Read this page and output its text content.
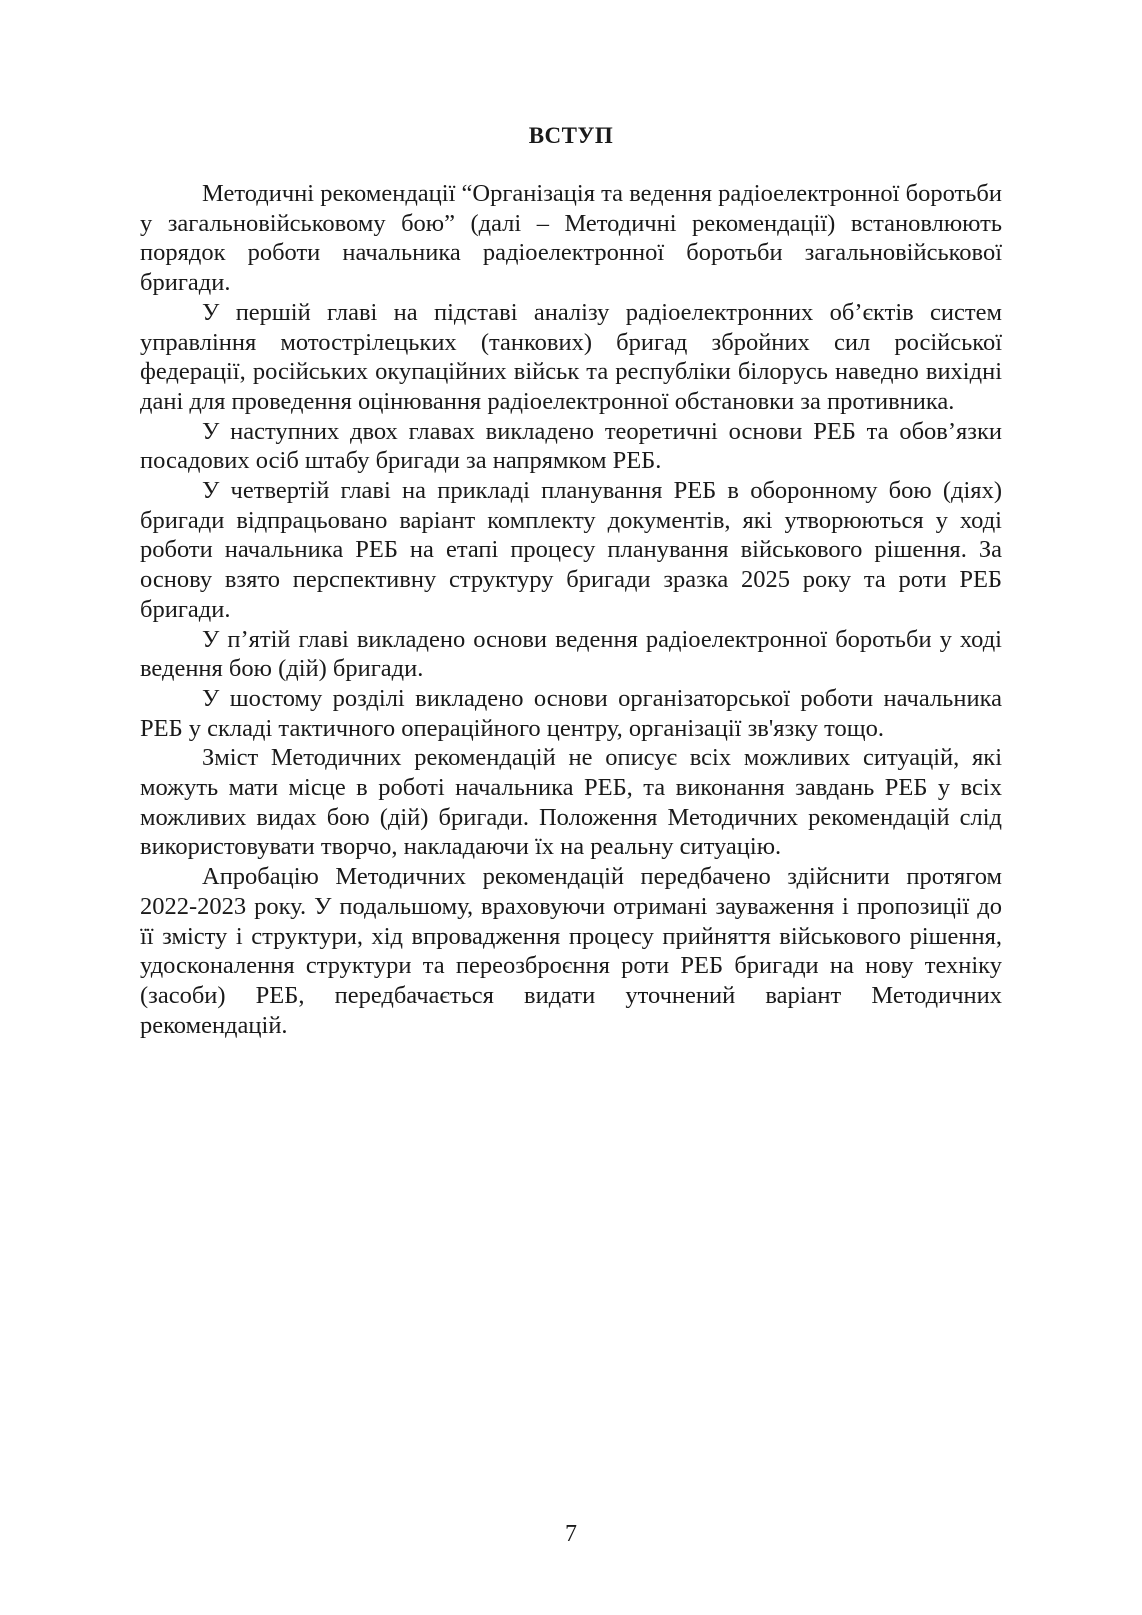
ВСТУП

Методичні рекомендації “Організація та ведення радіоелектронної боротьби у загальновійськовому бою” (далі – Методичні рекомендації) встановлюють порядок роботи начальника радіоелектронної боротьби загальновійськової бригади.

У першій главі на підставі аналізу радіоелектронних об’єктів систем управління мотострілецьких (танкових) бригад збройних сил російської федерації, російських окупаційних військ та республіки білорусь наведно вихідні дані для проведення оцінювання радіоелектронної обстановки за противника.

У наступних двох главах викладено теоретичні основи РЕБ та обов’язки посадових осіб штабу бригади за напрямком РЕБ.

У четвертій главі на прикладі планування РЕБ в оборонному бою (діях) бригади відпрацьовано варіант комплекту документів, які утворюються у ході роботи начальника РЕБ на етапі процесу планування військового рішення. За основу взято перспективну структуру бригади зразка 2025 року та роти РЕБ бригади.

У п’ятій главі викладено основи ведення радіоелектронної боротьби у ході ведення бою (дій) бригади.

У шостому розділі викладено основи організаторської роботи начальника РЕБ у складі тактичного операційного центру, організації зв'язку тощо.

Зміст Методичних рекомендацій не описує всіх можливих ситуацій, які можуть мати місце в роботі начальника РЕБ, та виконання завдань РЕБ у всіх можливих видах бою (дій) бригади. Положення Методичних рекомендацій слід використовувати творчо, накладаючи їх на реальну ситуацію.

Апробацію Методичних рекомендацій передбачено здійснити протягом 2022-2023 року. У подальшому, враховуючи отримані зауваження і пропозиції до її змісту і структури, хід впровадження процесу прийняття військового рішення, удосконалення структури та переозброєння роти РЕБ бригади на нову техніку (засоби) РЕБ, передбачається видати уточнений варіант Методичних рекомендацій.

7
